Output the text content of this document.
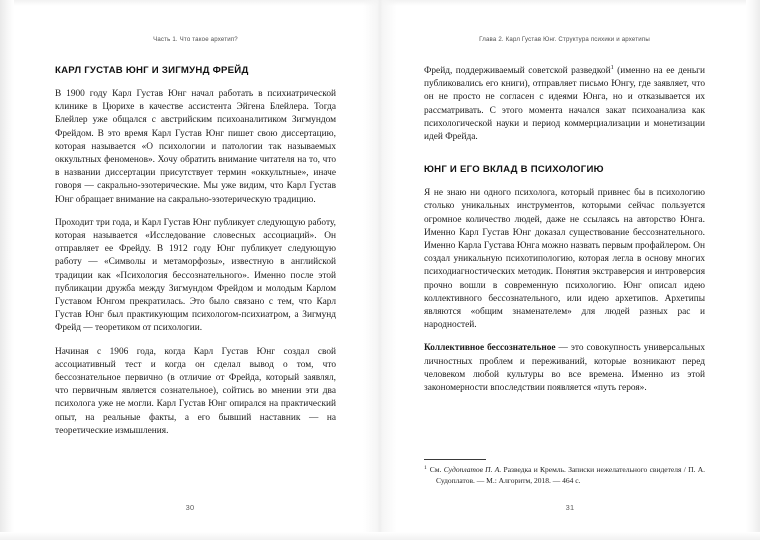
Часть 1. Что такое архетип?
КАРЛ ГУСТАВ ЮНГ И ЗИГМУНД ФРЕЙД

В 1900 году Карл Густав Юнг начал работать в психиатрической клинике в Цюрихе в качестве ассистента Эйгена Блейлера. Тогда Блейлер уже общался с австрийским психоаналитиком Зигмундом Фрейдом. В это время Карл Густав Юнг пишет свою диссертацию, которая называется «О психологии и патологии так называемых оккультных феноменов». Хочу обратить внимание читателя на то, что в названии диссертации присутствует термин «оккультные», иначе говоря — сакрально-эзотерические. Мы уже видим, что Карл Густав Юнг обращает внимание на сакрально-эзотерическую традицию.

Проходит три года, и Карл Густав Юнг публикует следующую работу, которая называется «Исследование словесных ассоциаций». Он отправляет ее Фрейду. В 1912 году Юнг публикует следующую работу — «Символы и метаморфозы», известную в английской традиции как «Психология бессознательного». Именно после этой публикации дружба между Зигмундом Фрейдом и молодым Карлом Густавом Юнгом прекратилась. Это было связано с тем, что Карл Густав Юнг был практикующим психологом-психиатром, а Зигмунд Фрейд — теоретиком от психологии.

Начиная с 1906 года, когда Карл Густав Юнг создал свой ассоциативный тест и когда он сделал вывод о том, что бессознательное первично (в отличие от Фрейда, который заявлял, что первичным является сознательное), сойтись во мнении эти два психолога уже не могли. Карл Густав Юнг опирался на практический опыт, на реальные факты, а его бывший наставник — на теоретические измышления.

30
Глава 2. Карл Густав Юнг. Структура психики и архетипы

Фрейд, поддерживаемый советской разведкой$^1$ (именно на ее деньги публиковались его книги), отправляет письмо Юнгу, где заявляет, что он не просто не согласен с идеями Юнга, но и отказывается их рассматривать. С этого момента начался закат психоанализа как психологической науки и период коммерциализации и монетизации идей Фрейда.

ЮНГ И ЕГО ВКЛАД В ПСИХОЛОГИЮ

Я не знаю ни одного психолога, который привнес бы в психологию столько уникальных инструментов, которыми сейчас пользуется огромное количество людей, даже не ссылаясь на авторство Юнга. Именно Карл Густав Юнг доказал существование бессознательного. Именно Карла Густава Юнга можно назвать первым профайлером. Он создал уникальную психотипологию, которая легла в основу многих психодиагностических методик. Понятия экстраверсия и интроверсия прочно вошли в современную психологию. Юнг описал идею коллективного бессознательного, или идею архетипов. Архетипы являются «общим знаменателем» для людей разных рас и народностей.

Коллективное бессознательное — это совокупность универсальных личностных проблем и переживаний, которые возникают перед человеком любой культуры во все времена. Именно из этой закономерности впоследствии появляется «путь героя».

$^1$ См. Судоплатов П. А. Разведка и Кремль. Записки нежелательного свидетеля / П. А. Судоплатов. — М.: Алгоритм, 2018. — 464 с.

31
